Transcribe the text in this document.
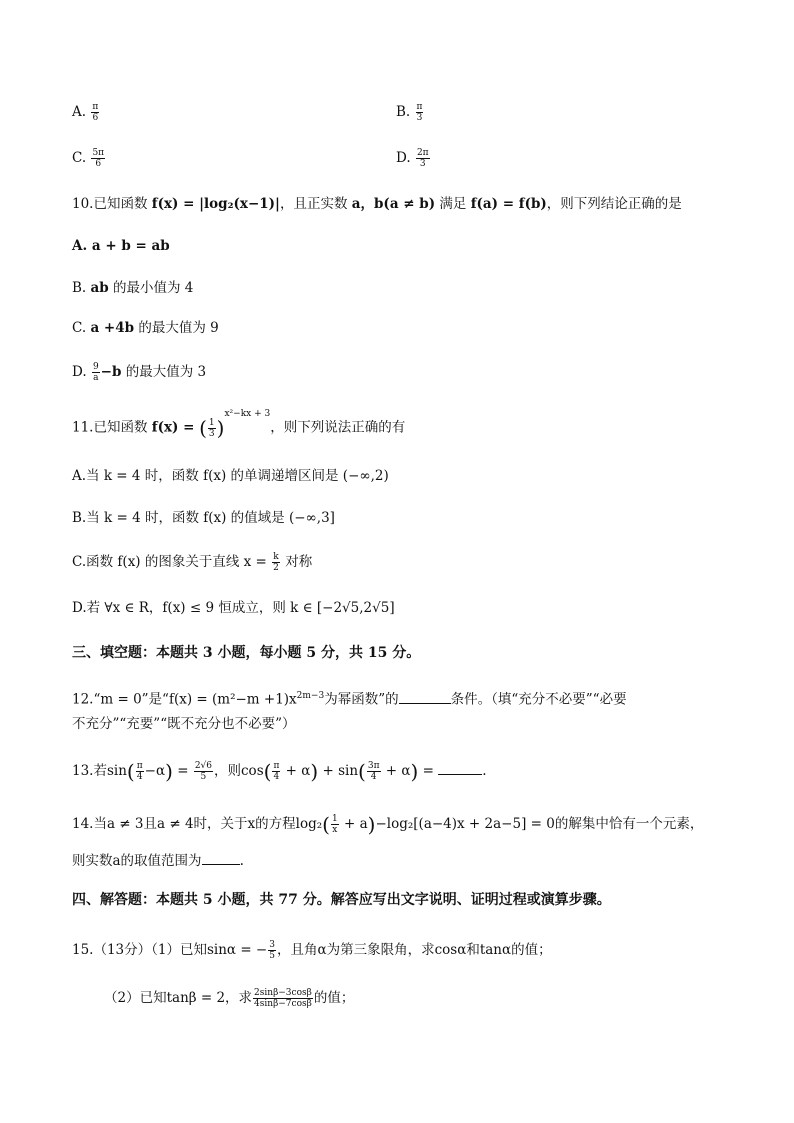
A. $\frac{\pi}{6}$	B. $\frac{\pi}{3}$
C. $\frac{5\pi}{6}$	D. $\frac{2\pi}{3}$
10.已知函数 f(x) = |log₂(x−1)|，且正实数 a，b(a ≠ b) 满足 f(a) = f(b)，则下列结论正确的是
A. a + b = ab
B. ab 的最小值为 4
C. a +4b 的最大值为 9
D. $\frac{9}{a} -b$ 的最大值为 3
11.已知函数 f(x) = ( $\frac{1}{3} )^{x^2-kx + 3}$，则下列说法正确的有
A.当 k = 4 时，函数 f(x) 的单调递增区间是 (−∞,2)
B.当 k = 4 时，函数 f(x) 的值域是 (−∞,3]
C.函数 f(x) 的图象关于直线 $x = \frac{k}{2}$ 对称
D.若 ∀x ∈ R，f(x) ≤ 9 恒成立，则 k ∈ [−2√5,2√5]
三、填空题：本题共 3 小题，每小题 5 分，共 15 分。
12.“m = 0”是“$f(x) = (m^2-m +1)x^{2m-3}$为幂函数”的	条件。（填“充分不必要”“必要
不充分”“充要”“既不充分也不必要”）
13.若$\sin( \frac{\pi}{4} -\alpha) = \frac{2√6}{5}$ ，则$\cos( \frac{\pi}{4} + \alpha) + \sin( \frac{3\pi}{4} + \alpha)$ =	.
14.当a ≠ 3且a ≠ 4时，关于x的方程$\log_2( \frac{1}{x} + a)-\log_2[(a-4)x + 2a-5] = 0$的解集中恰有一个元素，
则实数a的取值范围为	.
四、解答题：本题共 5 小题，共 77 分。解答应写出文字说明、证明过程或演算步骤。
15.（13分）（1）已知sinα = − $\frac{3}{5}$ ，且角α为第三象限角，求cosα和tanα的值；
（2）已知tanβ = 2，求 $\frac{2\sin\beta-3\cos\beta}{4\sin\beta-7\cos\beta}$ 的值；
